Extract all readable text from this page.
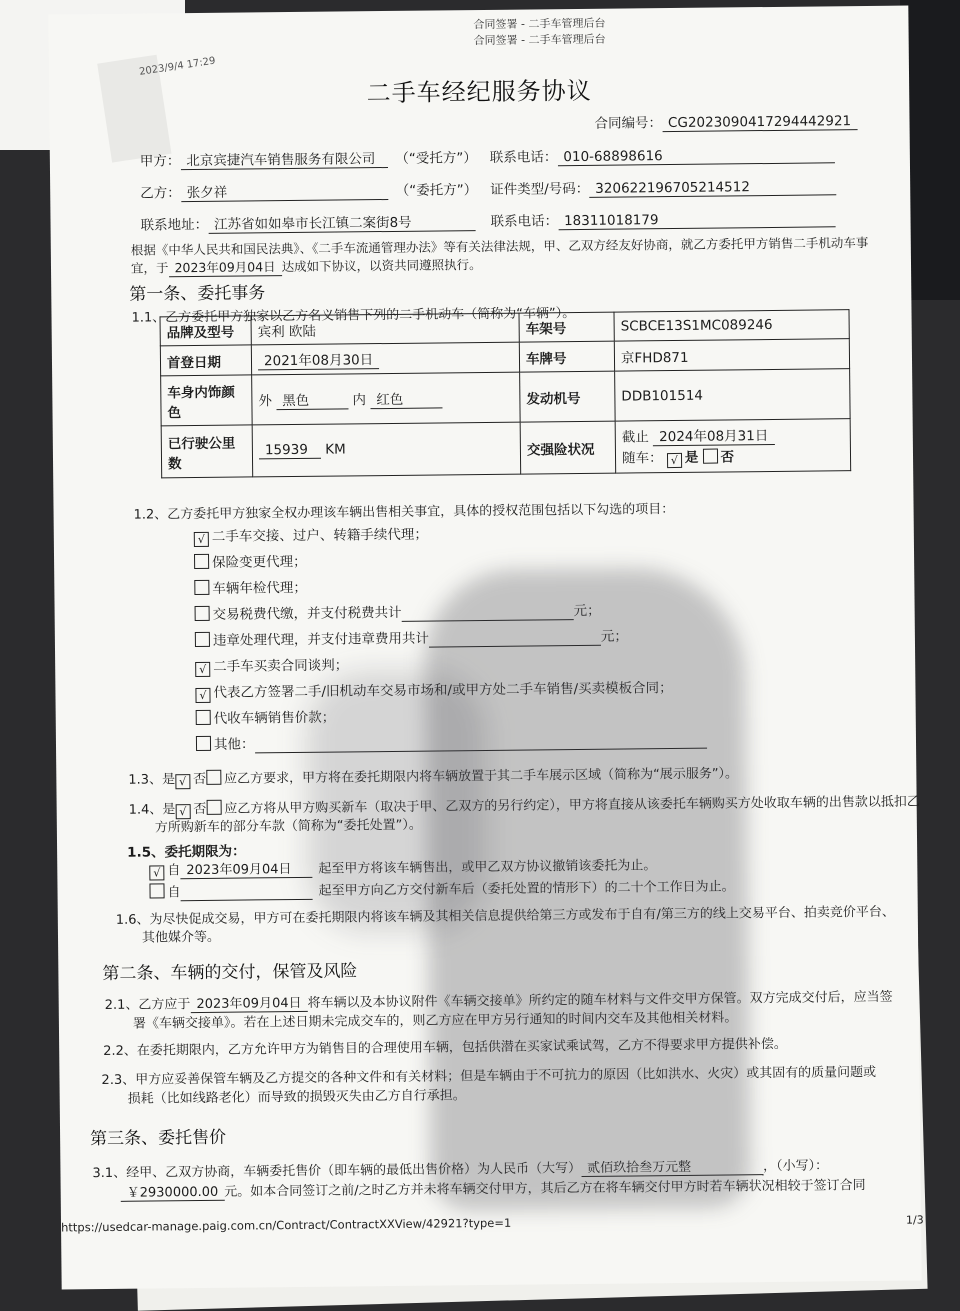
合同签署 - 二手车管理后台
合同签署 - 二手车管理后台
2023/9/4 17:29
二手车经纪服务协议
合同编号： CG2023090417294442921
甲方： 北京宾捷汽车销售服务有限公司 （“受托方”） 联系电话： 010-68898616
乙方： 张夕祥	（“委托方”） 证件类型/号码： 320622196705214512
联系地址： 江苏省如如皋市长江镇二案街8号	联系电话： 18311018179
根据《中华人民共和国民法典》、《二手车流通管理办法》等有关法律法规，甲、乙双方经友好协商，就乙方委托甲方销售二手机动车事
宜，于 2023年09月04日 达成如下协议，以资共同遵照执行。
第一条、委托事务
1.1、乙方委托甲方独家以乙方名义销售下列的二手机动车（简称为“车辆”）。
品牌及型号	宾利 欧陆	车架号	SCBCE13S1MC089246
首登日期	2021年08月30日	车牌号	京FHD871
车身内饰颜色	外 黑色 内 红色	发动机号	DDB101514
已行驶公里数	15939 KM	交强险状况	截止 2024年08月31日
随车： √ 是 否
1.2、乙方委托甲方独家全权办理该车辆出售相关事宜，具体的授权范围包括以下勾选的项目：
√ 二手车交接、过户、转籍手续代理；
保险变更代理；
车辆年检代理；
交易税费代缴，并支付税费共计	元；
违章处理代理，并支付违章费用共计	元；
√ 二手车买卖合同谈判；
√ 代表乙方签署二手/旧机动车交易市场和/或甲方处二手车销售/买卖模板合同；
代收车辆销售价款；
其他：
1.3、是 √ 否 应乙方要求，甲方将在委托期限内将车辆放置于其二手车展示区域（简称为“展示服务”）。
1.4、是 √ 否 应乙方将从甲方购买新车（取决于甲、乙双方的另行约定），甲方将直接从该委托车辆购买方处收取车辆的出售款以抵扣乙
方所购新车的部分车款（简称为“委托处置”）。
1.5、委托期限为：
√ 自 2023年09月04日 起至甲方将该车辆售出，或甲乙双方协议撤销该委托为止。
自	起至甲方向乙方交付新车后（委托处置的情形下）的二十个工作日为止。
1.6、为尽快促成交易，甲方可在委托期限内将该车辆及其相关信息提供给第三方或发布于自有/第三方的线上交易平台、拍卖竞价平台、
其他媒介等。
第二条、车辆的交付，保管及风险
2.1、乙方应于 2023年09月04日 将车辆以及本协议附件《车辆交接单》所约定的随车材料与文件交甲方保管。双方完成交付后，应当签
署《车辆交接单》。若在上述日期未完成交车的，则乙方应在甲方另行通知的时间内交车及其他相关材料。
2.2、在委托期限内，乙方允许甲方为销售目的合理使用车辆，包括供潜在买家试乘试驾，乙方不得要求甲方提供补偿。
2.3、甲方应妥善保管车辆及乙方提交的各种文件和有关材料；但是车辆由于不可抗力的原因（比如洪水、火灾）或其固有的质量问题或
损耗（比如线路老化）而导致的损毁灭失由乙方自行承担。
第三条、委托售价
3.1、经甲、乙双方协商，车辆委托售价（即车辆的最低出售价格）为人民币（大写） 贰佰玖拾叁万元整	，（小写）：
￥2930000.00 元。如本合同签订之前/之时乙方并未将车辆交付甲方，其后乙方在将车辆交付甲方时若车辆状况相较于签订合同
https://usedcar-manage.paig.com.cn/Contract/ContractXXView/42921?type=1	1/3
